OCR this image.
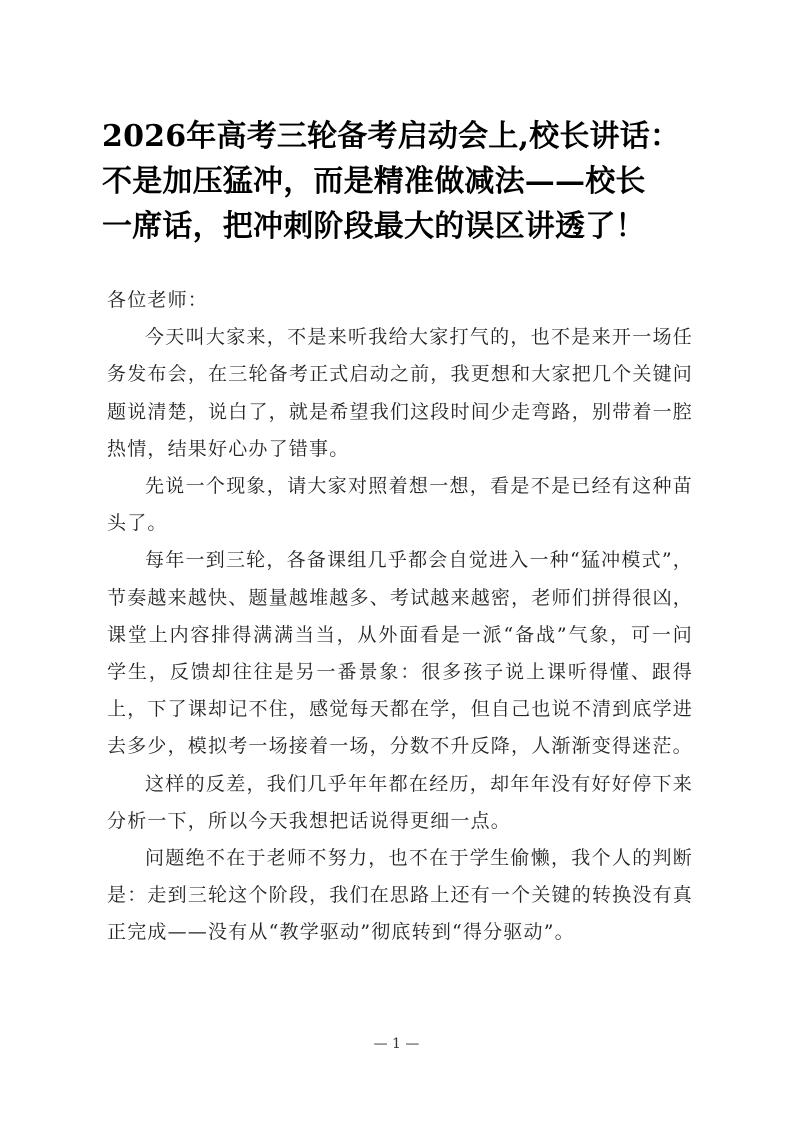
2026年高考三轮备考启动会上,校长讲话：
不是加压猛冲，而是精准做减法——校长
一席话，把冲刺阶段最大的误区讲透了！

各位老师：

今天叫大家来，不是来听我给大家打气的，也不是来开一场任务发布会，在三轮备考正式启动之前，我更想和大家把几个关键问题说清楚，说白了，就是希望我们这段时间少走弯路，别带着一腔热情，结果好心办了错事。

先说一个现象，请大家对照着想一想，看是不是已经有这种苗头了。

每年一到三轮，各备课组几乎都会自觉进入一种“猛冲模式”，节奏越来越快、题量越堆越多、考试越来越密，老师们拼得很凶，课堂上内容排得满满当当，从外面看是一派“备战”气象，可一问学生，反馈却往往是另一番景象：很多孩子说上课听得懂、跟得上，下了课却记不住，感觉每天都在学，但自己也说不清到底学进去多少，模拟考一场接着一场，分数不升反降，人渐渐变得迷茫。

这样的反差，我们几乎年年都在经历，却年年没有好好停下来分析一下，所以今天我想把话说得更细一点。

问题绝不在于老师不努力，也不在于学生偷懒，我个人的判断是：走到三轮这个阶段，我们在思路上还有一个关键的转换没有真正完成——没有从“教学驱动”彻底转到“得分驱动”。

— 1 —
